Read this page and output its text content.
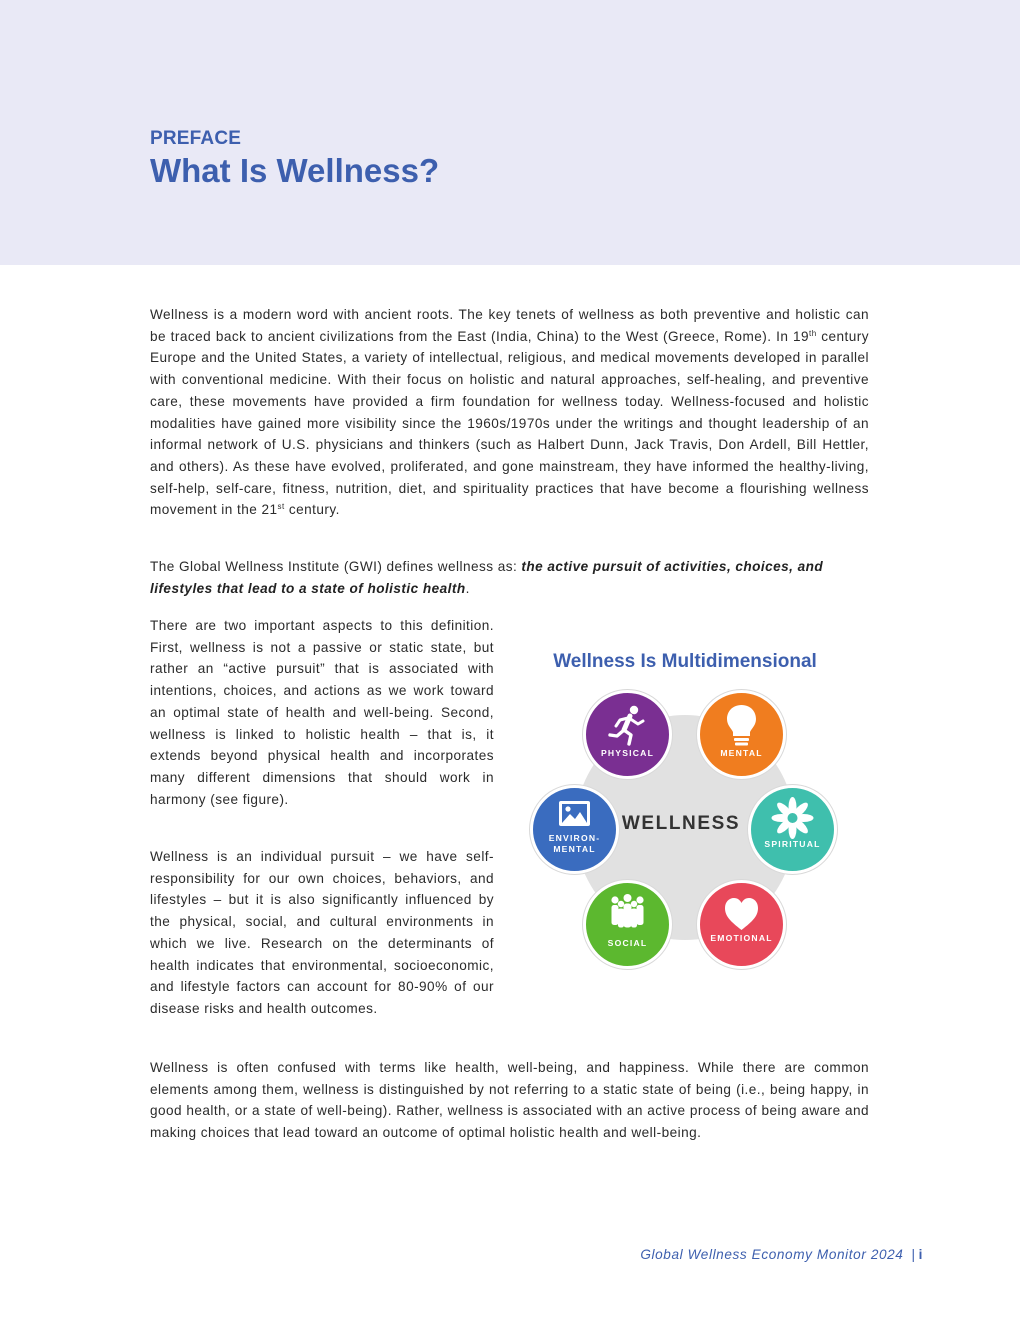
PREFACE
What Is Wellness?

Wellness is a modern word with ancient roots. The key tenets of wellness as both preventive and holistic can be traced back to ancient civilizations from the East (India, China) to the West (Greece, Rome). In 19th century Europe and the United States, a variety of intellectual, religious, and medical movements developed in parallel with conventional medicine. With their focus on holistic and natural approaches, self-healing, and preventive care, these movements have provided a firm foundation for wellness today. Wellness-focused and holistic modalities have gained more visibility since the 1960s/1970s under the writings and thought leadership of an informal network of U.S. physicians and thinkers (such as Halbert Dunn, Jack Travis, Don Ardell, Bill Hettler, and others). As these have evolved, proliferated, and gone mainstream, they have informed the healthy-living, self-help, self-care, fitness, nutrition, diet, and spirituality practices that have become a flourishing wellness movement in the 21st century.

The Global Wellness Institute (GWI) defines wellness as: the active pursuit of activities, choices, and lifestyles that lead to a state of holistic health.

There are two important aspects to this definition. First, wellness is not a passive or static state, but rather an “active pursuit” that is associated with intentions, choices, and actions as we work toward an optimal state of health and well-being. Second, wellness is linked to holistic health – that is, it extends beyond physical health and incorporates many different dimensions that should work in harmony (see figure).

Wellness is an individual pursuit – we have self-responsibility for our own choices, behaviors, and lifestyles – but it is also significantly influenced by the physical, social, and cultural environments in which we live. Research on the determinants of health indicates that environmental, socioeconomic, and lifestyle factors can account for 80-90% of our disease risks and health outcomes.

Wellness is often confused with terms like health, well-being, and happiness. While there are common elements among them, wellness is distinguished by not referring to a static state of being (i.e., being happy, in good health, or a state of well-being). Rather, wellness is associated with an active process of being aware and making choices that lead toward an outcome of optimal holistic health and well-being.

Wellness Is Multidimensional
WELLNESS
PHYSICAL	MENTAL
SPIRITUAL
EMOTIONAL
SOCIAL
ENVIRON-
MENTAL
Global Wellness Economy Monitor 2024 | i
